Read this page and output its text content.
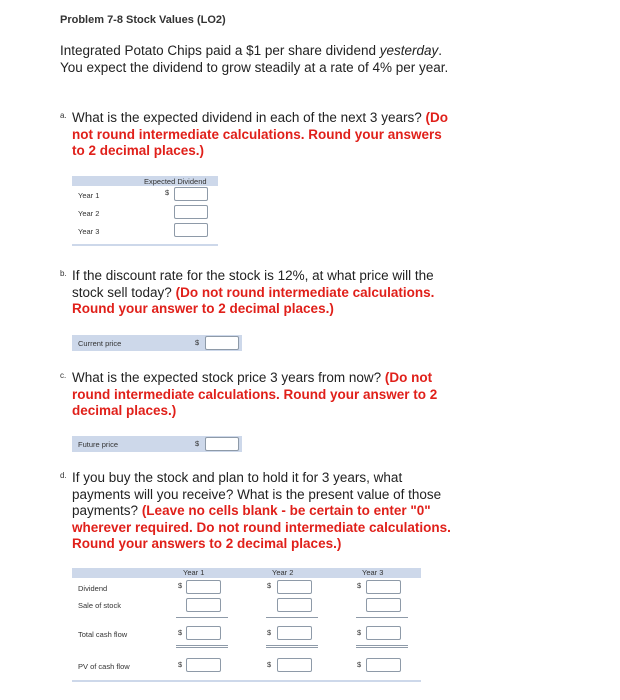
Problem 7-8 Stock Values (LO2)
Integrated Potato Chips paid a $1 per share dividend yesterday. You expect the dividend to grow steadily at a rate of 4% per year.
a. What is the expected dividend in each of the next 3 years? (Do not round intermediate calculations. Round your answers to 2 decimal places.)
Expected Dividend
Year 1	$
Year 2
Year 3
b. If the discount rate for the stock is 12%, at what price will the stock sell today? (Do not round intermediate calculations. Round your answer to 2 decimal places.)
Current price	$
c. What is the expected stock price 3 years from now? (Do not round intermediate calculations. Round your answer to 2 decimal places.)
Future price	$
d. If you buy the stock and plan to hold it for 3 years, what payments will you receive? What is the present value of those payments? (Leave no cells blank - be certain to enter "0" wherever required. Do not round intermediate calculations. Round your answers to 2 decimal places.)
Year 1	Year 2	Year 3
Dividend	$	$	$
Sale of stock
Total cash flow	$	$	$
PV of cash flow	$	$	$
